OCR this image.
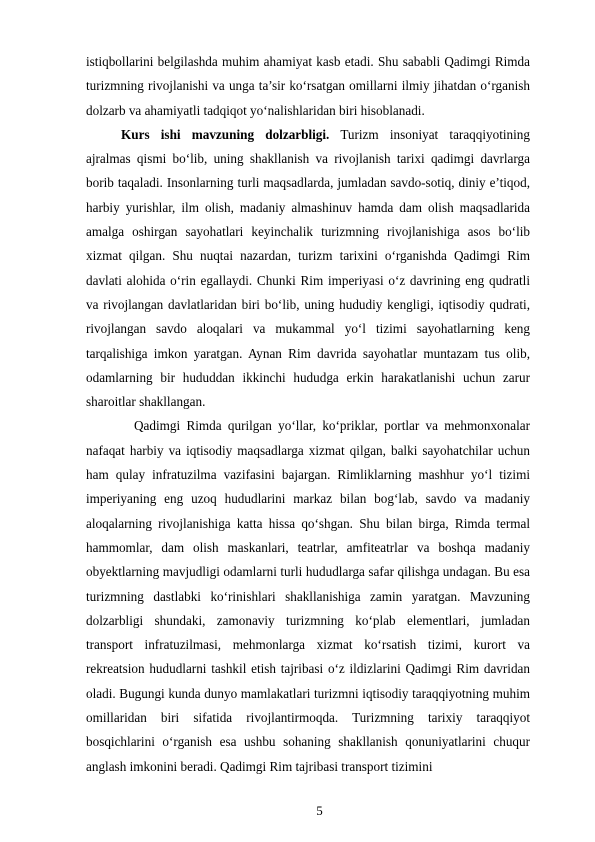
istiqbollarini belgilashda muhim ahamiyat kasb etadi. Shu sababli Qadimgi Rimda turizmning rivojlanishi va unga ta’sir ko‘rsatgan omillarni ilmiy jihatdan o‘rganish dolzarb va ahamiyatli tadqiqot yo‘nalishlaridan biri hisoblanadi.

Kurs ishi mavzuning dolzarbligi. Turizm insoniyat taraqqiyotining ajralmas qismi bo‘lib, uning shakllanish va rivojlanish tarixi qadimgi davrlarga borib taqaladi. Insonlarning turli maqsadlarda, jumladan savdo-sotiq, diniy e’tiqod, harbiy yurishlar, ilm olish, madaniy almashinuv hamda dam olish maqsadlarida amalga oshirgan sayohatlari keyinchalik turizmning rivojlanishiga asos bo‘lib xizmat qilgan. Shu nuqtai nazardan, turizm tarixini o‘rganishda Qadimgi Rim davlati alohida o‘rin egallaydi. Chunki Rim imperiyasi o‘z davrining eng qudratli va rivojlangan davlatlaridan biri bo‘lib, uning hududiy kengligi, iqtisodiy qudrati, rivojlangan savdo aloqalari va mukammal yo‘l tizimi sayohatlarning keng tarqalishiga imkon yaratgan. Aynan Rim davrida sayohatlar muntazam tus olib, odamlarning bir hududdan ikkinchi hududga erkin harakatlanishi uchun zarur sharoitlar shakllangan.

Qadimgi Rimda qurilgan yo‘llar, ko‘priklar, portlar va mehmonxonalar nafaqat harbiy va iqtisodiy maqsadlarga xizmat qilgan, balki sayohatchilar uchun ham qulay infratuzilma vazifasini bajargan. Rimliklarning mashhur yo‘l tizimi imperiyaning eng uzoq hududlarini markaz bilan bog‘lab, savdo va madaniy aloqalarning rivojlanishiga katta hissa qo‘shgan. Shu bilan birga, Rimda termal hammomlar, dam olish maskanlari, teatrlar, amfiteatrlar va boshqa madaniy obyektlarning mavjudligi odamlarni turli hududlarga safar qilishga undagan. Bu esa turizmning dastlabki ko‘rinishlari shakllanishiga zamin yaratgan. Mavzuning dolzarbligi shundaki, zamonaviy turizmning ko‘plab elementlari, jumladan transport infratuzilmasi, mehmonlarga xizmat ko‘rsatish tizimi, kurort va rekreatsion hududlarni tashkil etish tajribasi o‘z ildizlarini Qadimgi Rim davridan oladi. Bugungi kunda dunyo mamlakatlari turizmni iqtisodiy taraqqiyotning muhim omillaridan biri sifatida rivojlantirmoqda. Turizmning tarixiy taraqqiyot bosqichlarini o‘rganish esa ushbu sohaning shakllanish qonuniyatlarini chuqur anglash imkonini beradi. Qadimgi Rim tajribasi transport tizimini

5
